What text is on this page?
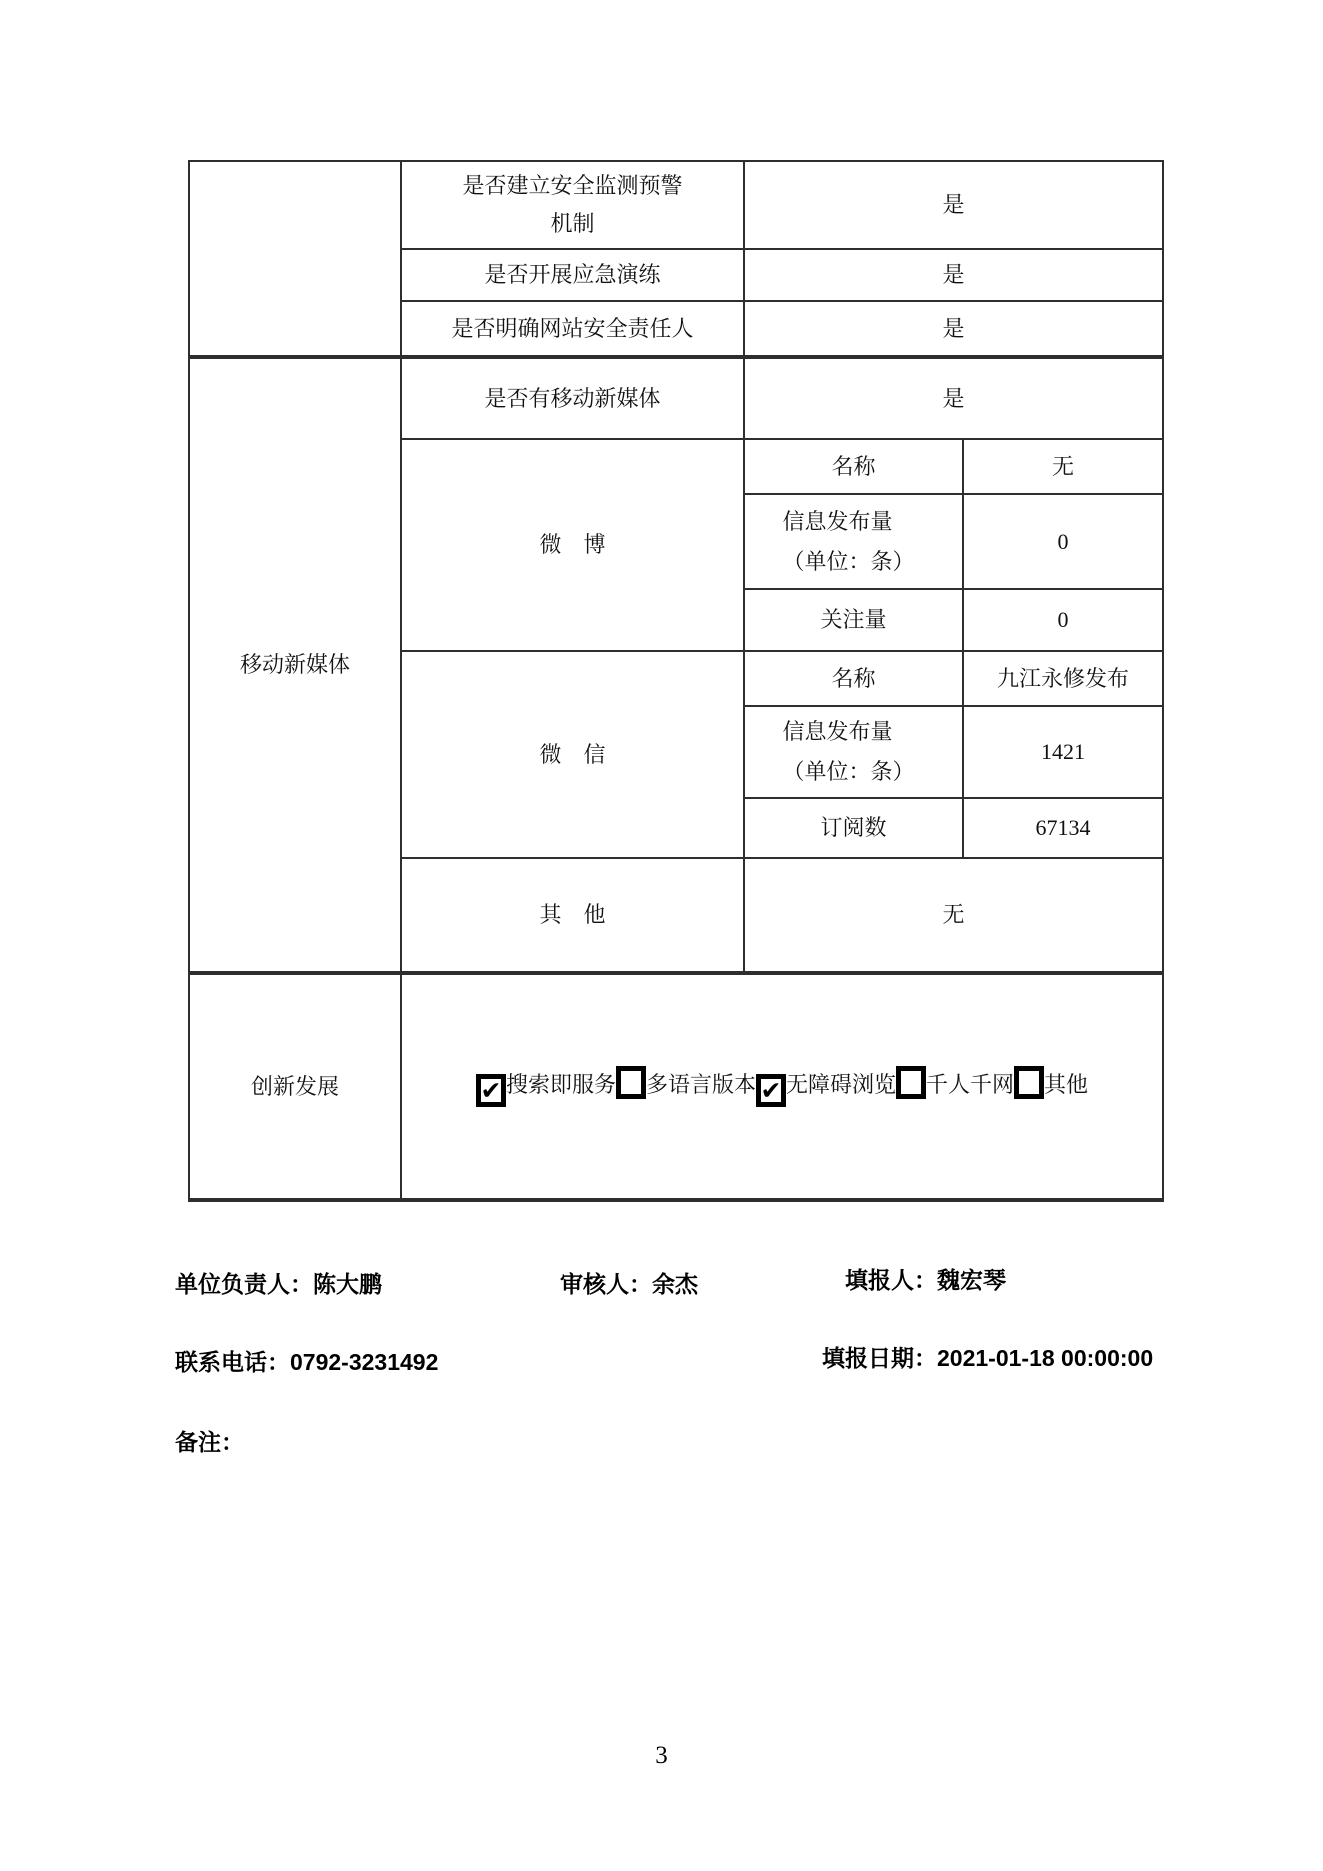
	是否建立安全监测预警机制	是	
	是否开展应急演练	是	
	是否明确网站安全责任人	是	
移动新媒体	是否有移动新媒体	是	
	微　博	名称	无
		信息发布量（单位：条）	0
		关注量	0
	微　信	名称	九江永修发布
		信息发布量（单位：条）	1421
		订阅数	67134
	其　他	无	
创新发展	✔ 搜索即服务 多语言版本 ✔ 无障碍浏览 千人千网 其他		
单位负责人：陈大鹏	审核人：余杰	填报人：魏宏琴
联系电话：0792-3231492	填报日期：2021-01-18 00:00:00
备注：
3
